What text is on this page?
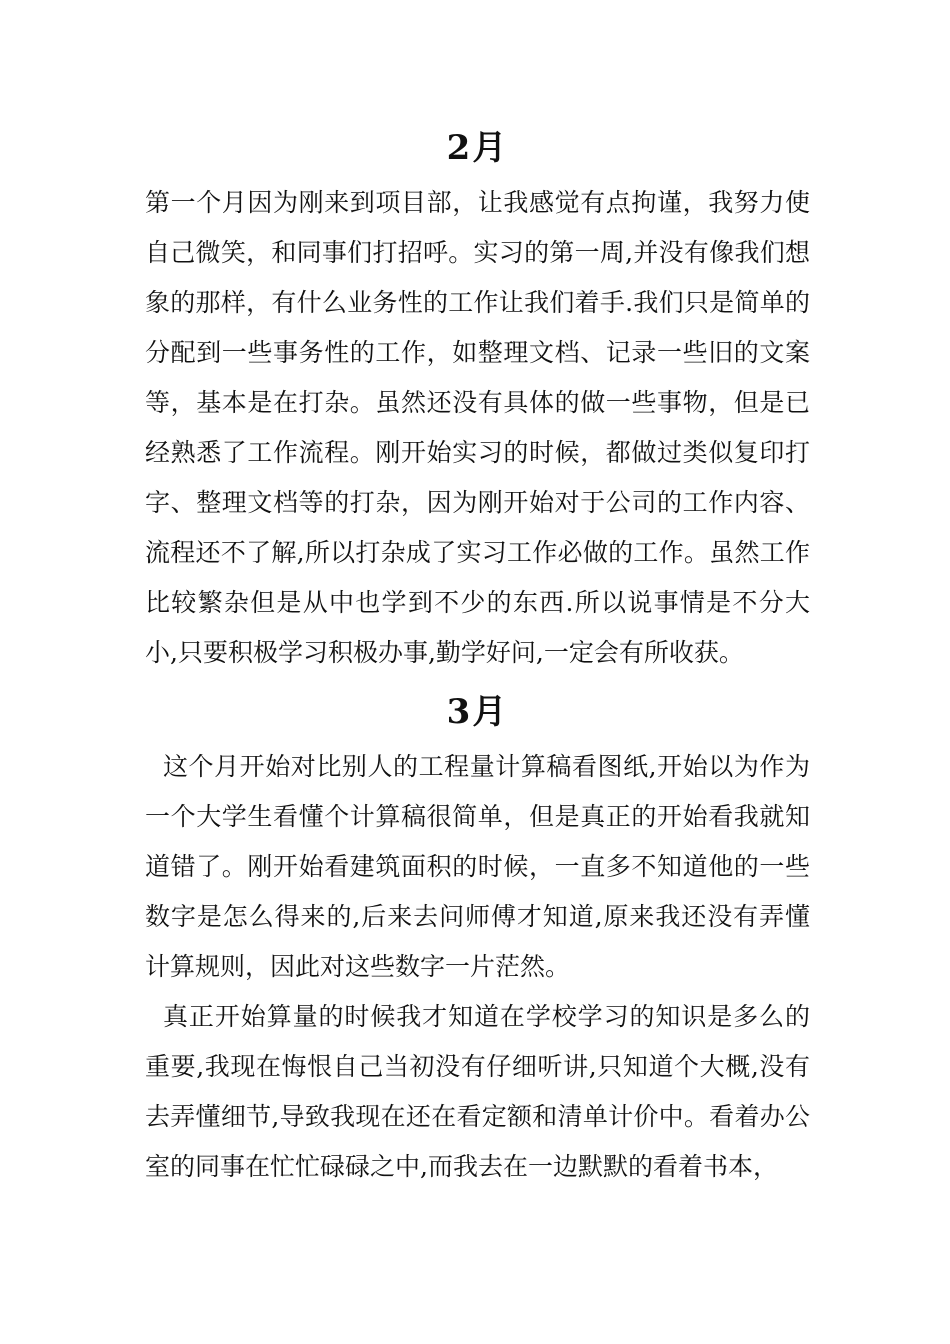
2月

第一个月因为刚来到项目部，让我感觉有点拘谨，我努力使自己微笑，和同事们打招呼。实习的第一周,并没有像我们想象的那样，有什么业务性的工作让我们着手.我们只是简单的分配到一些事务性的工作，如整理文档、记录一些旧的文案等，基本是在打杂。虽然还没有具体的做一些事物，但是已经熟悉了工作流程。刚开始实习的时候，都做过类似复印打字、整理文档等的打杂，因为刚开始对于公司的工作内容、流程还不了解,所以打杂成了实习工作必做的工作。虽然工作比较繁杂但是从中也学到不少的东西.所以说事情是不分大小,只要积极学习积极办事,勤学好问,一定会有所收获。

3月

这个月开始对比别人的工程量计算稿看图纸,开始以为作为一个大学生看懂个计算稿很简单，但是真正的开始看我就知道错了。刚开始看建筑面积的时候，一直多不知道他的一些数字是怎么得来的,后来去问师傅才知道,原来我还没有弄懂计算规则，因此对这些数字一片茫然。

真正开始算量的时候我才知道在学校学习的知识是多么的重要,我现在悔恨自己当初没有仔细听讲,只知道个大概,没有去弄懂细节,导致我现在还在看定额和清单计价中。看着办公室的同事在忙忙碌碌之中,而我去在一边默默的看着书本，
